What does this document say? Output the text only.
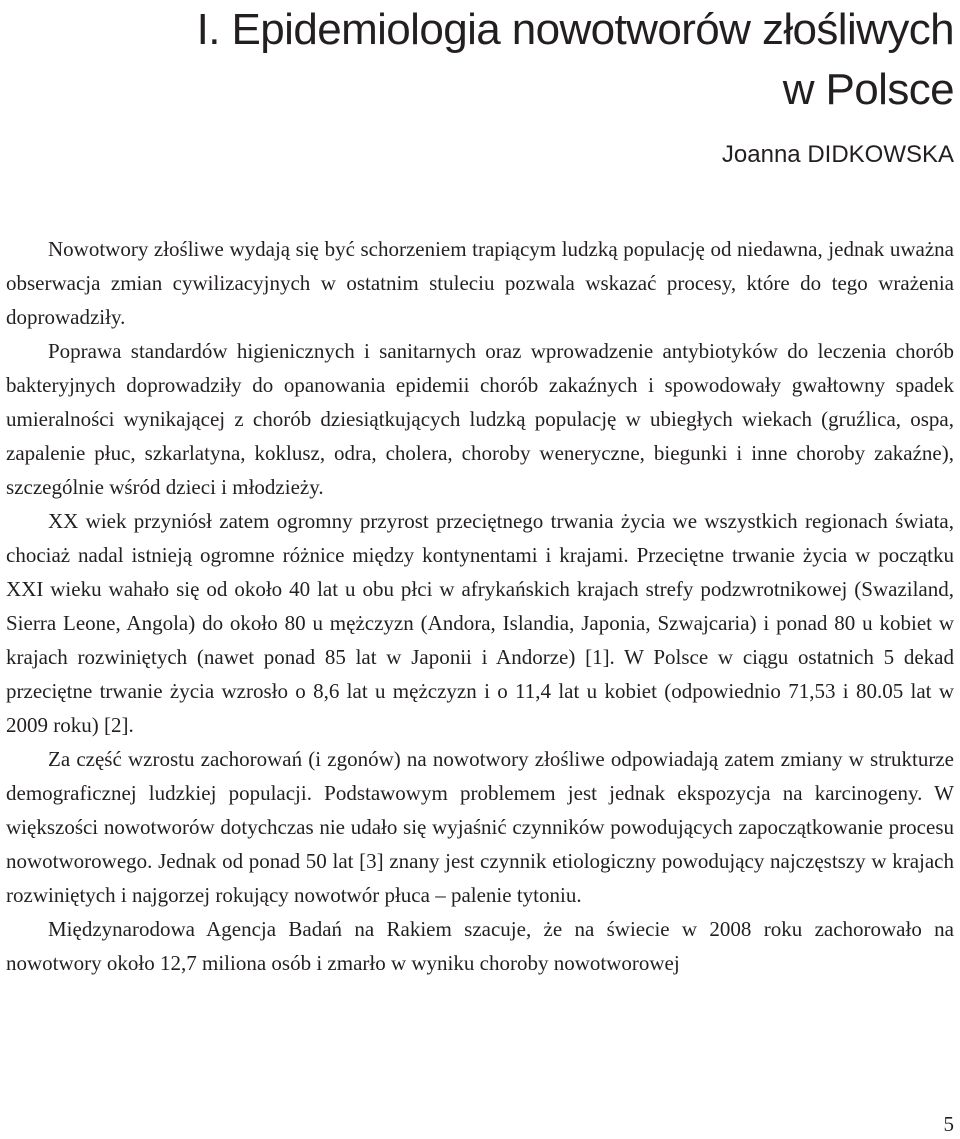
I. Epidemiologia nowotworów złośliwych
w Polsce
Joanna DIDKOWSKA

Nowotwory złośliwe wydają się być schorzeniem trapiącym ludzką populację od niedawna, jednak uważna obserwacja zmian cywilizacyjnych w ostatnim stuleciu pozwala wskazać procesy, które do tego wrażenia doprowadziły.

Poprawa standardów higienicznych i sanitarnych oraz wprowadzenie antybiotyków do leczenia chorób bakteryjnych doprowadziły do opanowania epidemii chorób zakaźnych i spowodowały gwałtowny spadek umieralności wynikającej z chorób dziesiątkujących ludzką populację w ubiegłych wiekach (gruźlica, ospa, zapalenie płuc, szkarlatyna, koklusz, odra, cholera, choroby weneryczne, biegunki i inne choroby zakaźne), szczególnie wśród dzieci i młodzieży.

XX wiek przyniósł zatem ogromny przyrost przeciętnego trwania życia we wszystkich regionach świata, chociaż nadal istnieją ogromne różnice między kontynentami i krajami. Przeciętne trwanie życia w początku XXI wieku wahało się od około 40 lat u obu płci w afrykańskich krajach strefy podzwrotnikowej (Swaziland, Sierra Leone, Angola) do około 80 u mężczyzn (Andora, Islandia, Japonia, Szwajcaria) i ponad 80 u kobiet w krajach rozwiniętych (nawet ponad 85 lat w Japonii i Andorze) [1]. W Polsce w ciągu ostatnich 5 dekad przeciętne trwanie życia wzrosło o 8,6 lat u mężczyzn i o 11,4 lat u kobiet (odpowiednio 71,53 i 80.05 lat w 2009 roku) [2].

Za część wzrostu zachorowań (i zgonów) na nowotwory złośliwe odpowiadają zatem zmiany w strukturze demograficznej ludzkiej populacji. Podstawowym problemem jest jednak ekspozycja na karcinogeny. W większości nowotworów dotychczas nie udało się wyjaśnić czynników powodujących zapoczątkowanie procesu nowotworowego. Jednak od ponad 50 lat [3] znany jest czynnik etiologiczny powodujący najczęstszy w krajach rozwiniętych i najgorzej rokujący nowotwór płuca – palenie tytoniu.

Międzynarodowa Agencja Badań na Rakiem szacuje, że na świecie w 2008 roku zachorowało na nowotwory około 12,7 miliona osób i zmarło w wyniku choroby nowotworowej

5
